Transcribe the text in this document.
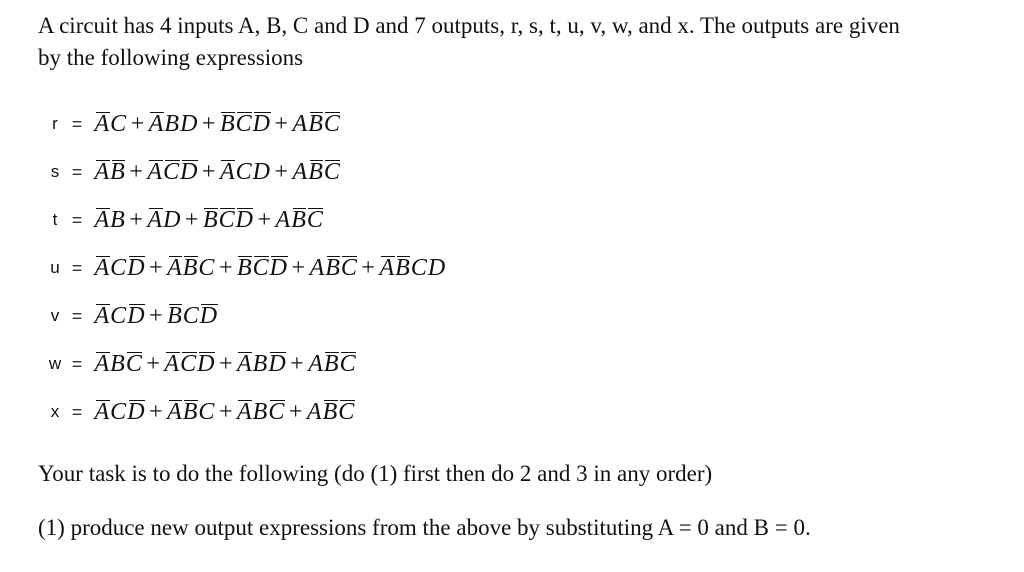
A circuit has 4 inputs A, B, C and D and 7 outputs, r, s, t, u, v, w, and x. The outputs are given
by the following expressions

r = AC + ABD + BCD + ABC
s = AB + ACD + ACD + ABC
t = AB + AD + BCD + ABC
u = ACD + ABC + BCD + ABC + ABCD
v = ACD + BCD
w = ABC + ACD + ABD + ABC
x = ACD + ABC + ABC + ABC

Your task is to do the following (do (1) first then do 2 and 3 in any order)

(1) produce new output expressions from the above by substituting A = 0 and B = 0.
